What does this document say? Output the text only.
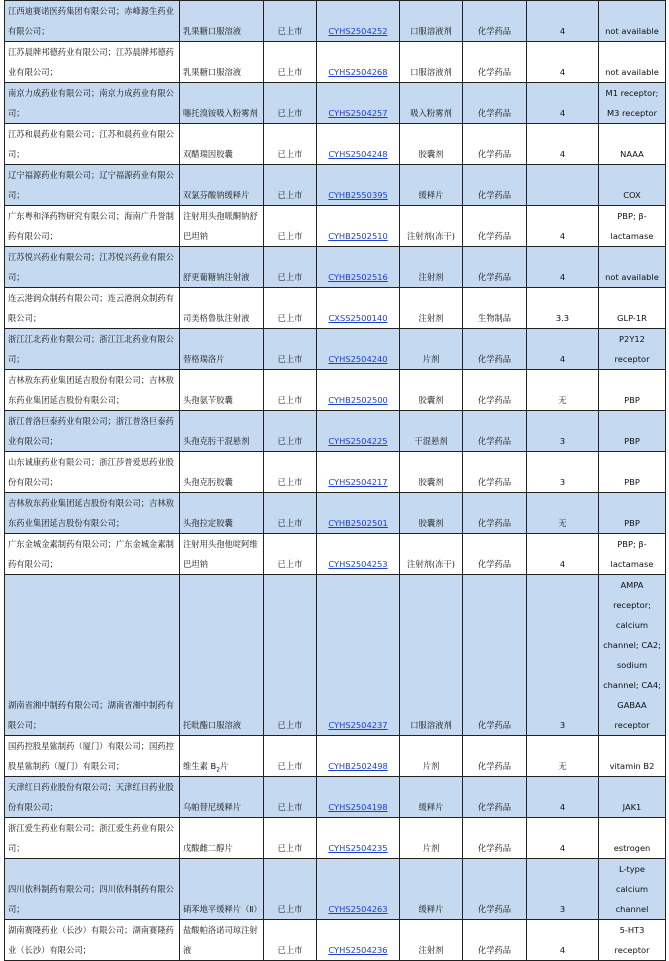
江西迪赛诺医药集团有限公司；赤峰源生药业有限公司；	乳果糖口服溶液	已上市	CYHS2504252	口服溶液剂	化学药品	4	not available
江苏晨牌邦德药业有限公司；江苏晨牌邦德药业有限公司；	乳果糖口服溶液	已上市	CYHS2504268	口服溶液剂	化学药品	4	not available
南京力成药业有限公司；南京力成药业有限公司；	噻托溴铵吸入粉雾剂	已上市	CYHS2504257	吸入粉雾剂	化学药品	4	M1 receptor; M3 receptor
江苏和晨药业有限公司；江苏和晨药业有限公司；	双醋瑞因胶囊	已上市	CYHS2504248	胶囊剂	化学药品	4	NAAA
辽宁福源药业有限公司；辽宁福源药业有限公司；	双氯芬酸钠缓释片	已上市	CYHB2550395	缓释片	化学药品		COX
广东粤和泽药物研究有限公司；海南广升誉制药有限公司；	注射用头孢哌酮钠舒巴坦钠	已上市	CYHB2502510	注射剂(冻干)	化学药品	4	PBP; β-lactamase
江苏悦兴药业有限公司；江苏悦兴药业有限公司；	舒更葡糖钠注射液	已上市	CYHB2502516	注射剂	化学药品	4	not available
连云港润众制药有限公司；连云港润众制药有限公司；	司美格鲁肽注射液	已上市	CXSS2500140	注射剂	生物制品	3.3	GLP-1R
浙江江北药业有限公司；浙江江北药业有限公司；	替格瑞洛片	已上市	CYHS2504240	片剂	化学药品	4	P2Y12 receptor
吉林敖东药业集团延吉股份有限公司；吉林敖东药业集团延吉股份有限公司；	头孢氨苄胶囊	已上市	CYHB2502500	胶囊剂	化学药品	无	PBP
浙江普洛巨泰药业有限公司；浙江普洛巨泰药业有限公司；	头孢克肟干混悬剂	已上市	CYHS2504225	干混悬剂	化学药品	3	PBP
山东诚康药业有限公司；浙江莎普爱思药业股份有限公司；	头孢克肟胶囊	已上市	CYHS2504217	胶囊剂	化学药品	3	PBP
吉林敖东药业集团延吉股份有限公司；吉林敖东药业集团延吉股份有限公司；	头孢拉定胶囊	已上市	CYHB2502501	胶囊剂	化学药品	无	PBP
广东金城金素制药有限公司；广东金城金素制药有限公司；	注射用头孢他啶阿维巴坦钠	已上市	CYHS2504253	注射剂(冻干)	化学药品	4	PBP; β-lactamase
湖南省湘中制药有限公司；湖南省湘中制药有限公司；	托吡酯口服溶液	已上市	CYHS2504237	口服溶液剂	化学药品	3	AMPA receptor; calcium channel; CA2; sodium channel; CA4; GABAA receptor
国药控股星鲨制药（厦门）有限公司；国药控股星鲨制药（厦门）有限公司；	维生素 $B_2$片	已上市	CYHB2502498	片剂	化学药品	无	vitamin B2
天津红日药业股份有限公司；天津红日药业股份有限公司；	乌帕替尼缓释片	已上市	CYHS2504198	缓释片	化学药品	4	JAK1
浙江爱生药业有限公司；浙江爱生药业有限公司；	戊酸雌二醇片	已上市	CYHS2504235	片剂	化学药品	4	estrogen
四川依科制药有限公司；四川依科制药有限公司；	硝苯地平缓释片（Ⅱ）	已上市	CYHS2504263	缓释片	化学药品	3	L-type calcium channel
湖南赛隆药业（长沙）有限公司；湖南赛隆药业（长沙）有限公司；	盐酸帕洛诺司琼注射液	已上市	CYHS2504236	注射剂	化学药品	4	5-HT3 receptor
